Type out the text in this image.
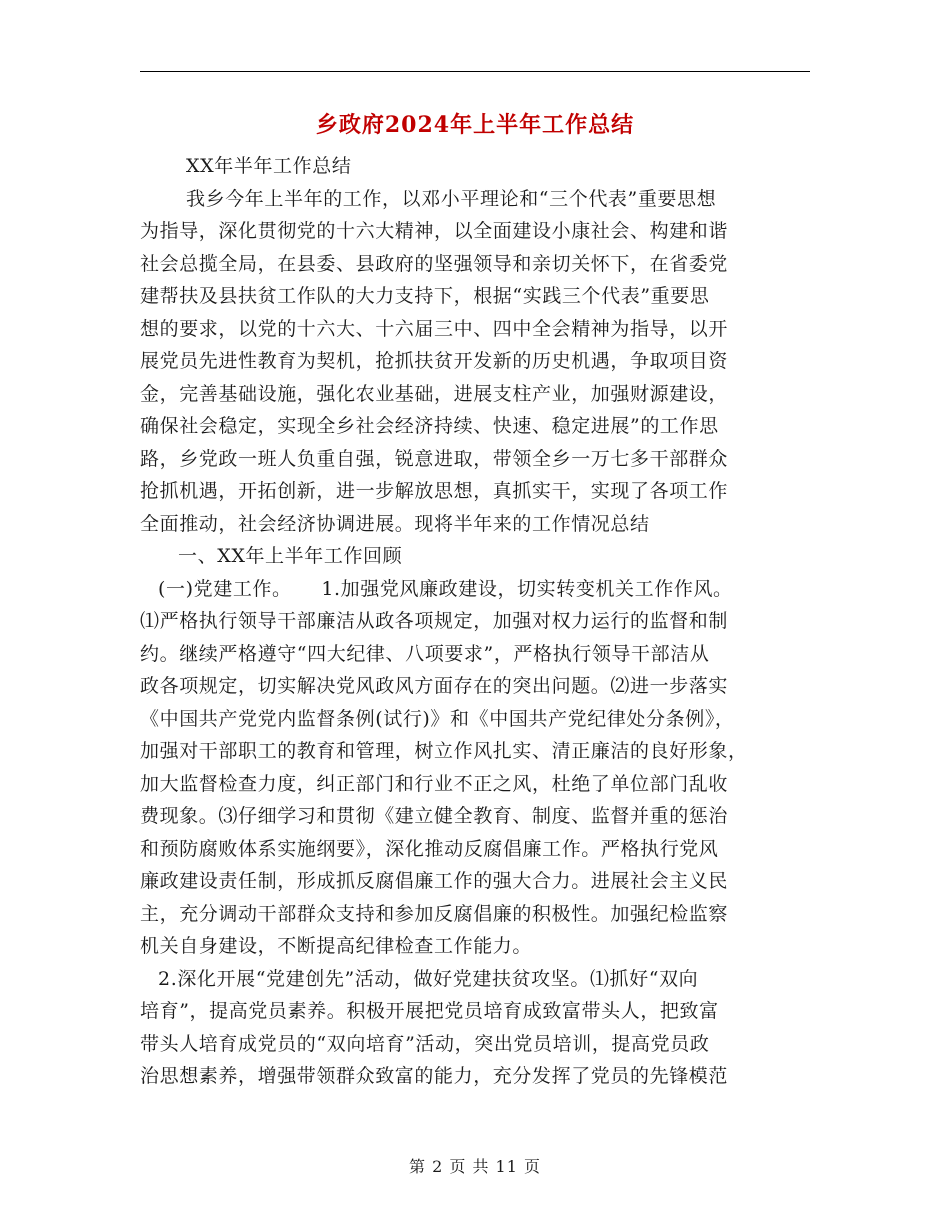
乡政府2024年上半年工作总结
XX年半年工作总结
我乡今年上半年的工作，以邓小平理论和“三个代表”重要思想
为指导，深化贯彻党的十六大精神，以全面建设小康社会、构建和谐
社会总揽全局，在县委、县政府的坚强领导和亲切关怀下，在省委党
建帮扶及县扶贫工作队的大力支持下，根据“实践三个代表”重要思
想的要求，以党的十六大、十六届三中、四中全会精神为指导，以开
展党员先进性教育为契机，抢抓扶贫开发新的历史机遇，争取项目资
金，完善基础设施，强化农业基础，进展支柱产业，加强财源建设，
确保社会稳定，实现全乡社会经济持续、快速、稳定进展”的工作思
路，乡党政一班人负重自强，锐意进取，带领全乡一万七多干部群众
抢抓机遇，开拓创新，进一步解放思想，真抓实干，实现了各项工作
全面推动，社会经济协调进展。现将半年来的工作情况总结
一、XX年上半年工作回顾
(一)党建工作。　　1.加强党风廉政建设，切实转变机关工作作风。
⑴严格执行领导干部廉洁从政各项规定，加强对权力运行的监督和制
约。继续严格遵守“四大纪律、八项要求”，严格执行领导干部洁从
政各项规定，切实解决党风政风方面存在的突出问题。⑵进一步落实
《中国共产党党内监督条例(试行)》和《中国共产党纪律处分条例》，
加强对干部职工的教育和管理，树立作风扎实、清正廉洁的良好形象，
加大监督检查力度，纠正部门和行业不正之风，杜绝了单位部门乱收
费现象。⑶仔细学习和贯彻《建立健全教育、制度、监督并重的惩治
和预防腐败体系实施纲要》，深化推动反腐倡廉工作。严格执行党风
廉政建设责任制，形成抓反腐倡廉工作的强大合力。进展社会主义民
主，充分调动干部群众支持和参加反腐倡廉的积极性。加强纪检监察
机关自身建设，不断提高纪律检查工作能力。
2.深化开展“党建创先”活动，做好党建扶贫攻坚。⑴抓好“双向
培育”，提高党员素养。积极开展把党员培育成致富带头人，把致富
带头人培育成党员的“双向培育”活动，突出党员培训，提高党员政
治思想素养，增强带领群众致富的能力，充分发挥了党员的先锋模范
第 2 页 共 11 页
